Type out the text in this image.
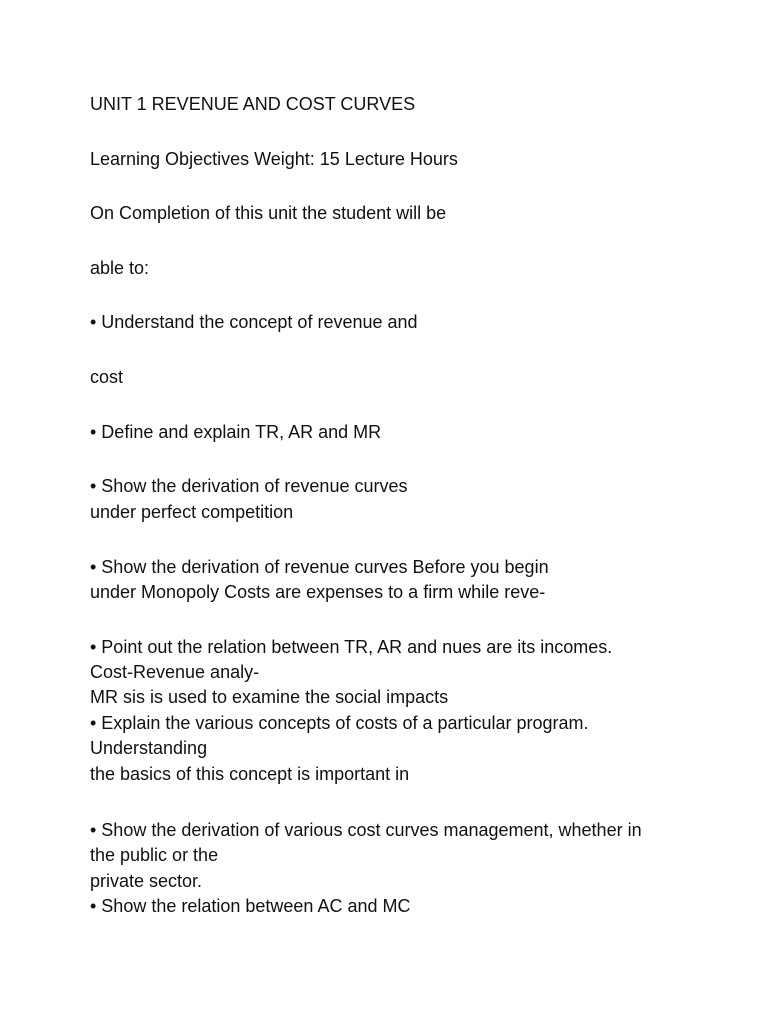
UNIT 1 REVENUE AND COST CURVES
Learning Objectives Weight: 15 Lecture Hours
On Completion of this unit the student will be
able to:
• Understand the concept of revenue and
cost
• Define and explain TR, AR and MR
• Show the derivation of revenue curves
under perfect competition
• Show the derivation of revenue curves Before you begin
under Monopoly Costs are expenses to a firm while reve-
• Point out the relation between TR, AR and nues are its incomes.
Cost-Revenue analy-
MR sis is used to examine the social impacts
• Explain the various concepts of costs of a particular program.
Understanding
the basics of this concept is important in
• Show the derivation of various cost curves management, whether in
the public or the
private sector.
• Show the relation between AC and MC
